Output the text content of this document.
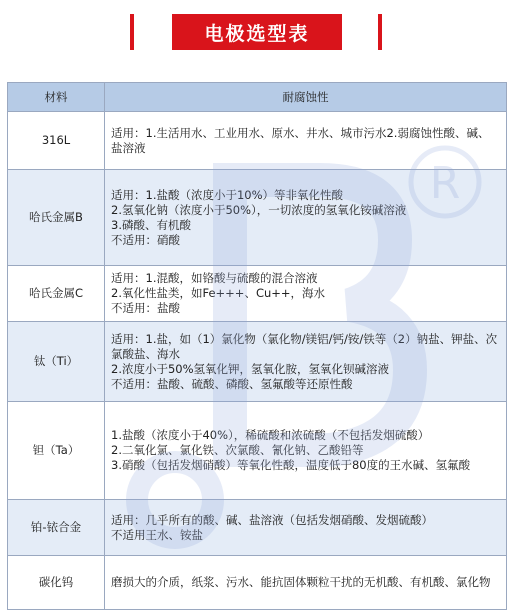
电极选型表
材料	耐腐蚀性
316L	适用：1.生活用水、工业用水、原水、井水、城市污水2.弱腐蚀性酸、碱、盐溶液

哈氏金属B	适用：1.盐酸（浓度小于10%）等非氧化性酸
2.氢氧化钠（浓度小于50%），一切浓度的氢氧化铵碱溶液
3.磷酸、有机酸
不适用：硝酸

哈氏金属C	适用：1.混酸，如铬酸与硫酸的混合溶液
2.氧化性盐类，如Fe+++、Cu++，海水
不适用：盐酸

钛（Ti）	适用：1.盐，如（1）氯化物（氯化物/镁铝/钙/铵/铁等（2）钠盐、钾盐、次氯酸盐、海水
2.浓度小于50%氢氧化钾，氢氧化胺，氢氧化钡碱溶液
不适用：盐酸、硫酸、磷酸、氢氟酸等还原性酸

钽（Ta）	1.盐酸（浓度小于40%），稀硫酸和浓硫酸（不包括发烟硫酸）
2.二氧化氯、氯化铁、次氯酸、氰化钠、乙酸铅等
3.硝酸（包括发烟硝酸）等氧化性酸，温度低于80度的王水碱、氢氟酸

铂-铱合金	适用：几乎所有的酸、碱、盐溶液（包括发烟硝酸、发烟硫酸）
不适用王水、铵盐

碳化钨	磨损大的介质，纸浆、污水、能抗固体颗粒干扰的无机酸、有机酸、氯化物
R
